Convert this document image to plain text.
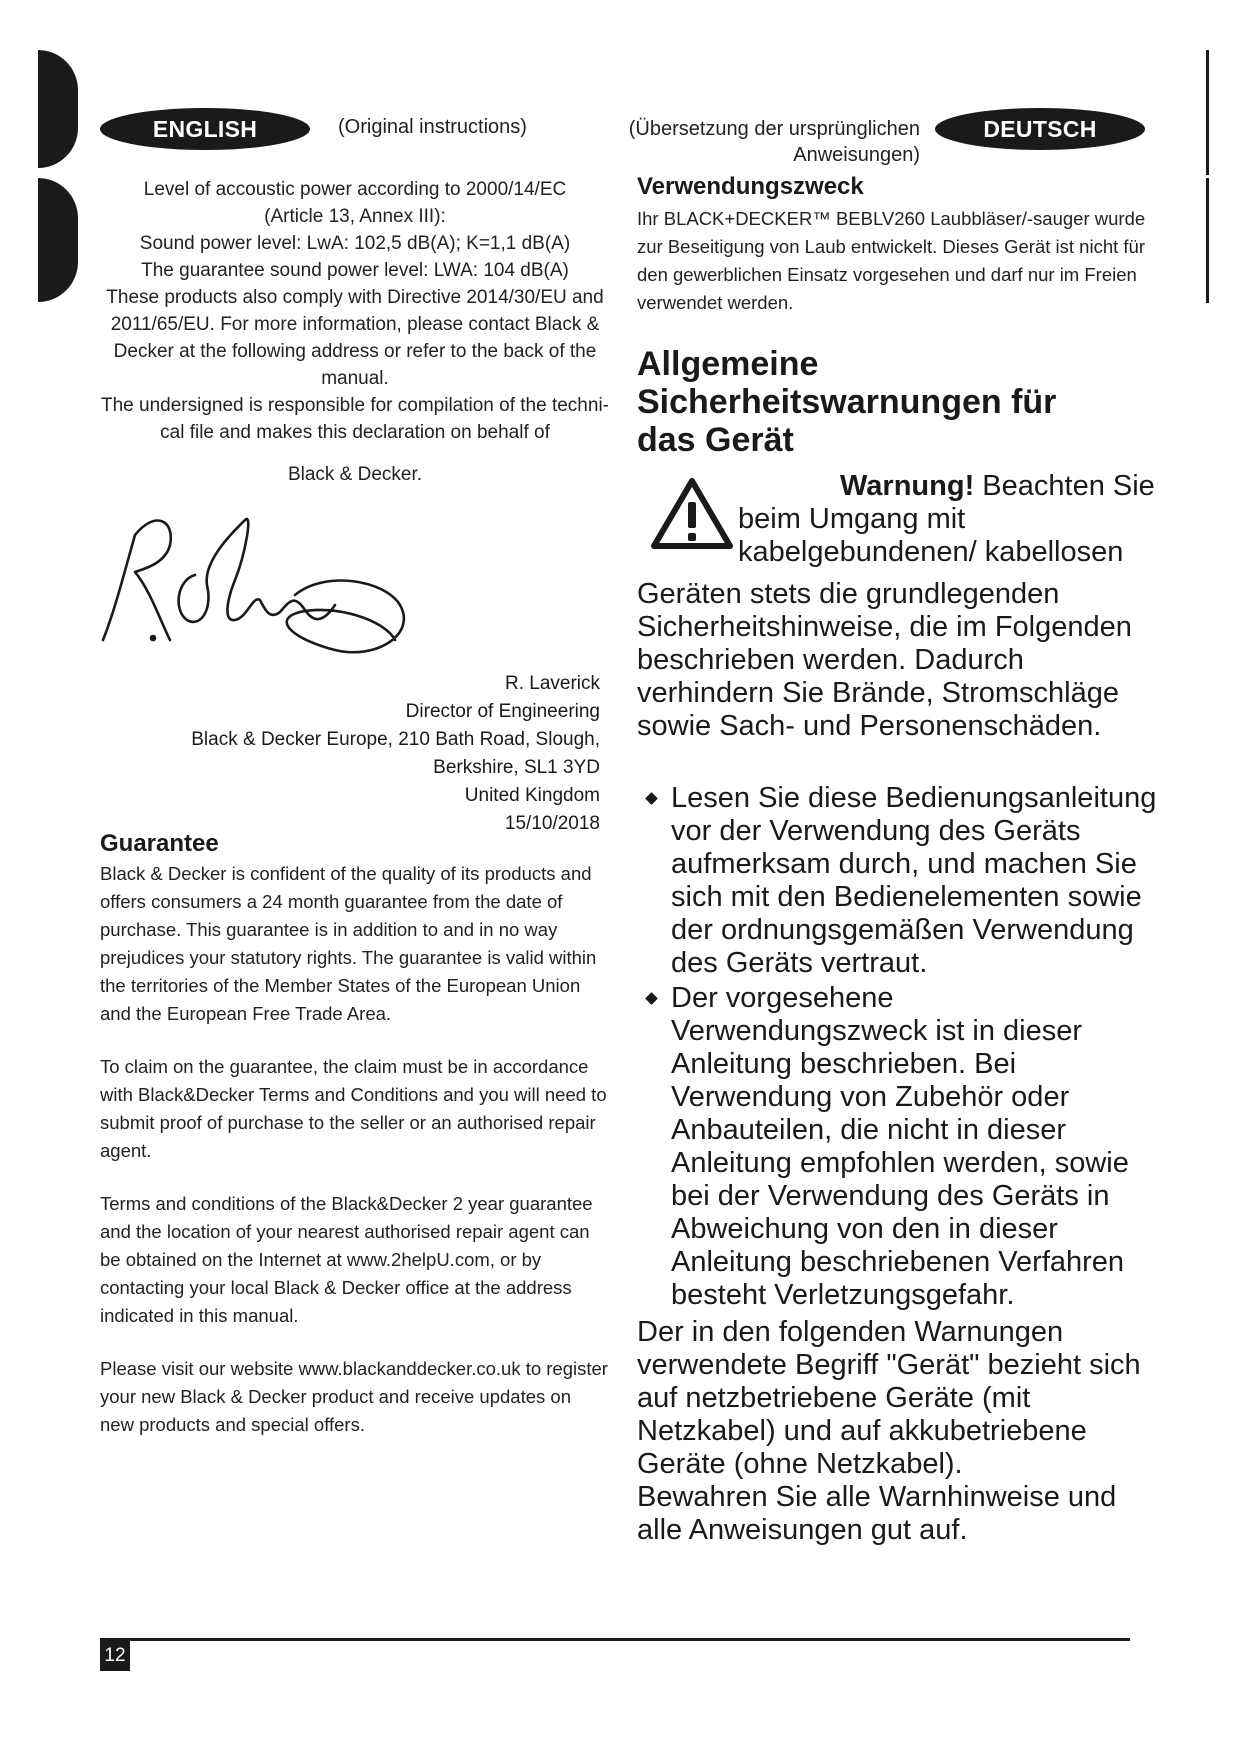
ENGLISH	(Original instructions)
Level of accoustic power according to 2000/14/EC
(Article 13, Annex III):
Sound power level: LwA: 102,5 dB(A); K=1,1 dB(A)
The guarantee sound power level: LWA: 104 dB(A)
These products also comply with Directive 2014/30/EU and
2011/65/EU. For more information, please contact Black &
Decker at the following address or refer to the back of the
manual.
The undersigned is responsible for compilation of the techni-
cal file and makes this declaration on behalf of
Black & Decker.
R. Laverick
Director of Engineering
Black & Decker Europe, 210 Bath Road, Slough,
Berkshire, SL1 3YD
United Kingdom
15/10/2018
Guarantee

Black & Decker is confident of the quality of its products and offers consumers a 24 month guarantee from the date of purchase. This guarantee is in addition to and in no way prejudices your statutory rights. The guarantee is valid within the territories of the Member States of the European Union and the European Free Trade Area.

To claim on the guarantee, the claim must be in accordance with Black&Decker Terms and Conditions and you will need to submit proof of purchase to the seller or an authorised repair agent.

Terms and conditions of the Black&Decker 2 year guarantee and the location of your nearest authorised repair agent can be obtained on the Internet at www.2helpU.com, or by contacting your local Black & Decker office at the address indicated in this manual.

Please visit our website www.blackanddecker.co.uk to register your new Black & Decker product and receive updates on new products and special offers.

(Übersetzung der ursprünglichen
Anweisungen)
DEUTSCH
Verwendungszweck

Ihr BLACK+DECKER™ BEBLV260 Laubbläser/-sauger wurde zur Beseitigung von Laub entwickelt. Dieses Gerät ist nicht für den gewerblichen Einsatz vorgesehen und darf nur im Freien verwendet werden.

Allgemeine Sicherheitswarnungen für das Gerät
Warnung! Beachten Sie beim Umgang mit kabelgebundenen/ kabellosen

Geräten stets die grundlegenden Sicherheitshinweise, die im Folgenden beschrieben werden. Dadurch verhindern Sie Brände, Stromschläge sowie Sach- und Personenschäden.

Lesen Sie diese Bedienungsanleitung vor der Verwendung des Geräts aufmerksam durch, und machen Sie sich mit den Bedienelementen sowie der ordnungsgemäßen Verwendung des Geräts vertraut.
Der vorgesehene Verwendungszweck ist in dieser Anleitung beschrieben. Bei Verwendung von Zubehör oder Anbauteilen, die nicht in dieser Anleitung empfohlen werden, sowie bei der Verwendung des Geräts in Abweichung von den in dieser Anleitung beschriebenen Verfahren besteht Verletzungsgefahr.

Der in den folgenden Warnungen verwendete Begriff "Gerät" bezieht sich auf netzbetriebene Geräte (mit Netzkabel) und auf akkubetriebene Geräte (ohne Netzkabel).

Bewahren Sie alle Warnhinweise und alle Anweisungen gut auf.

12
